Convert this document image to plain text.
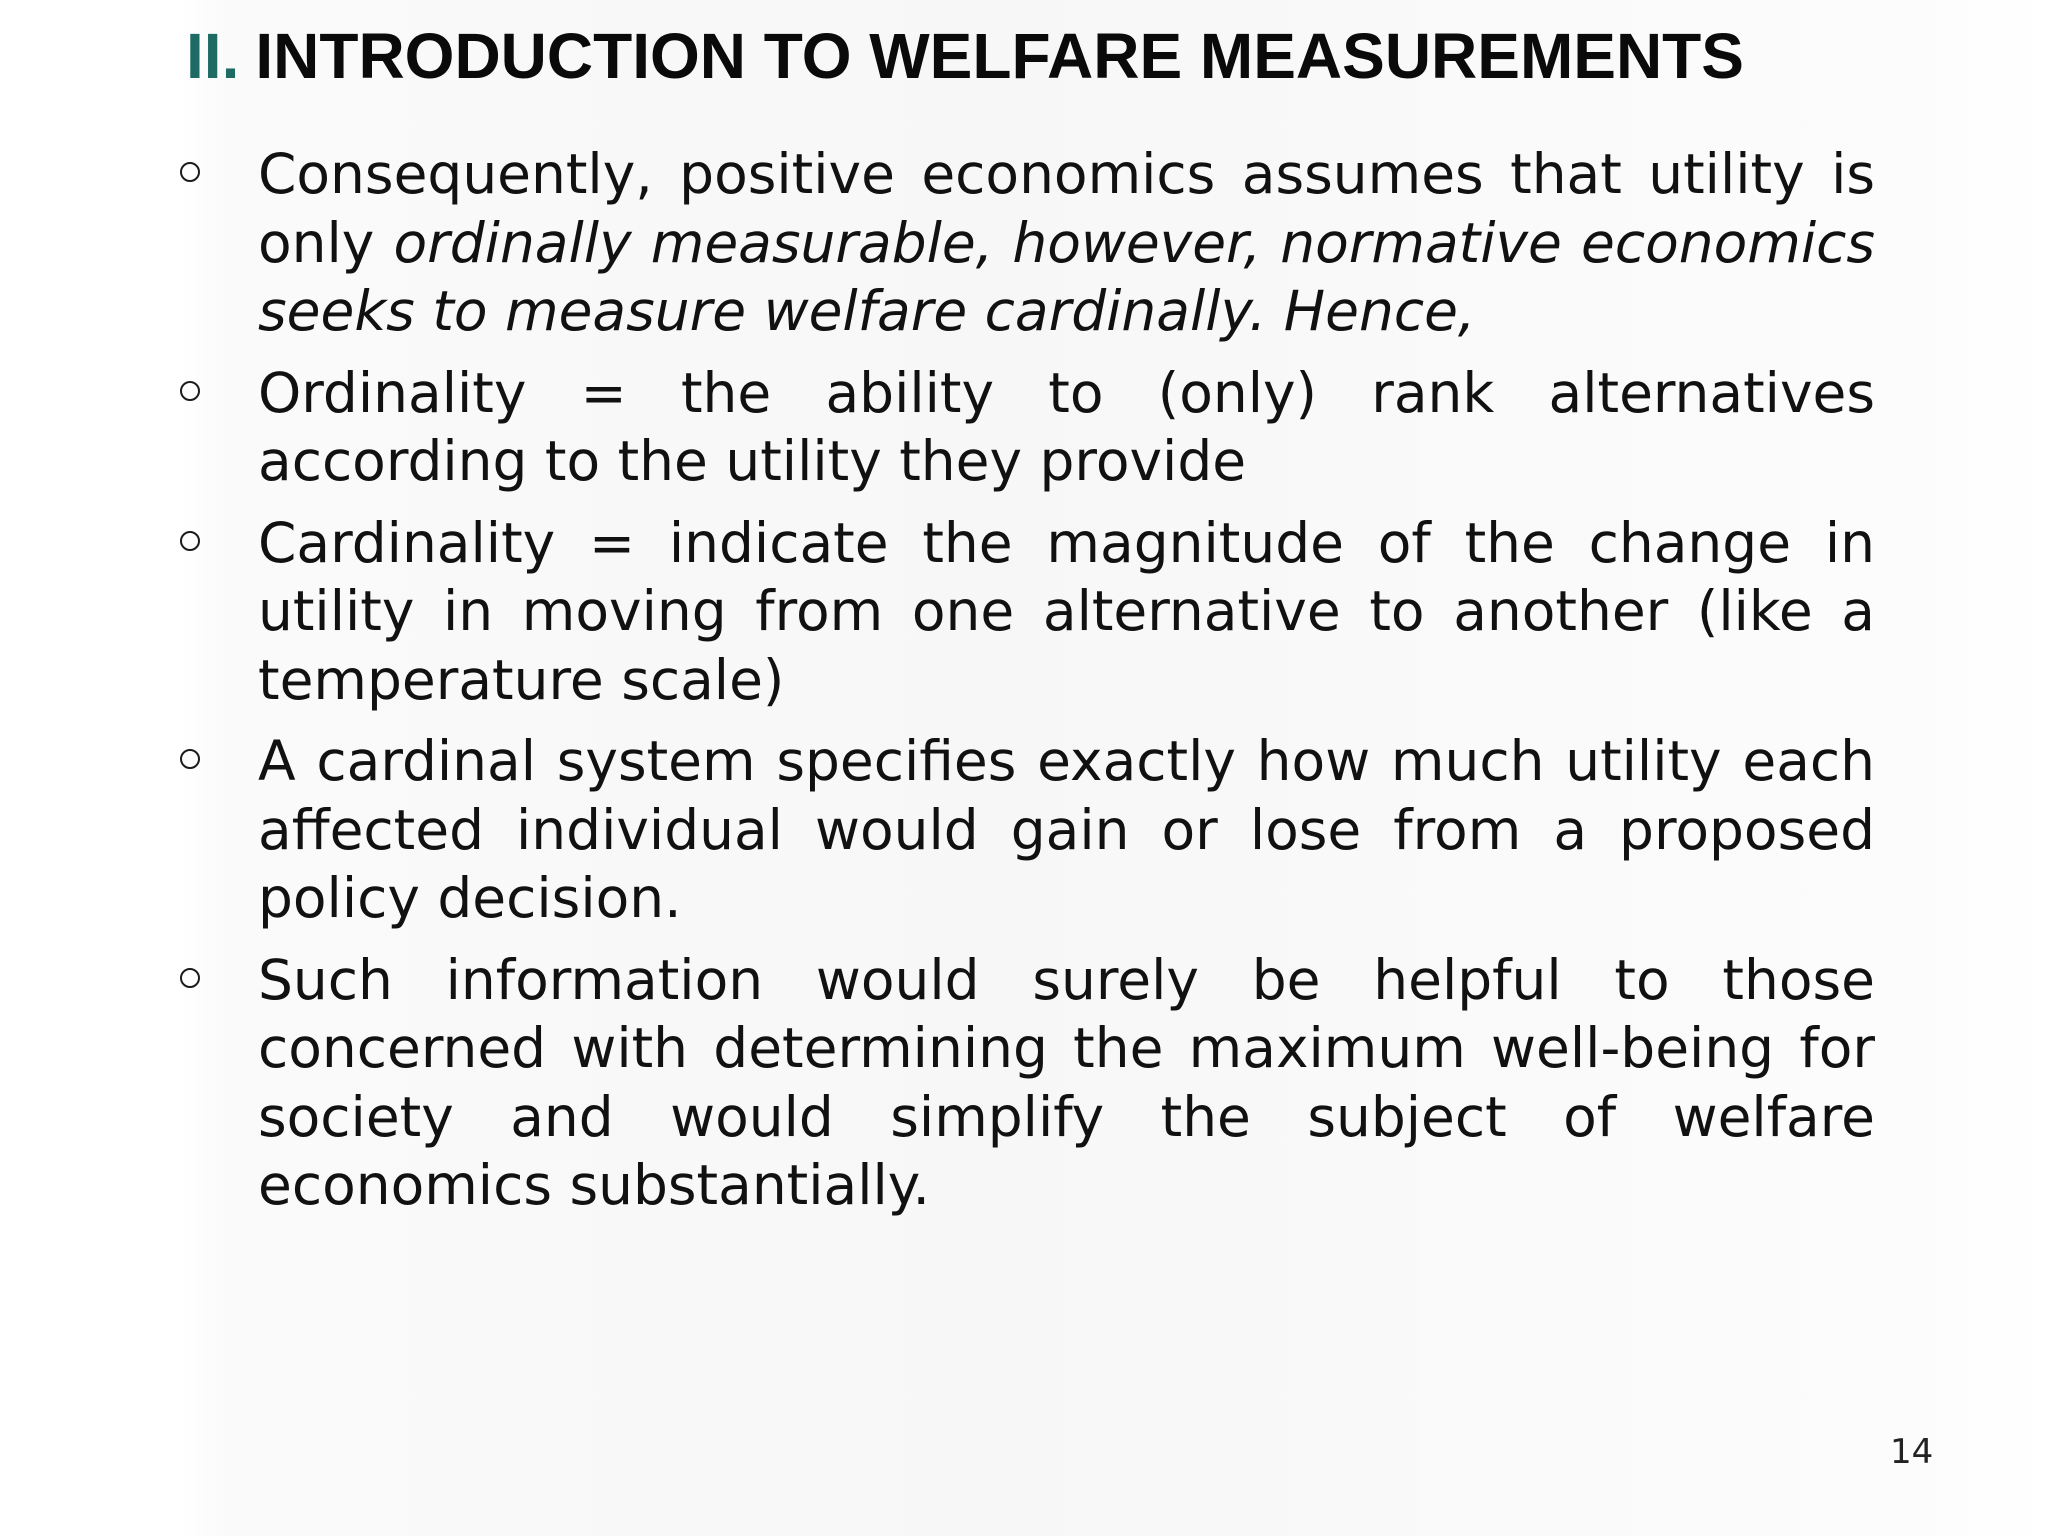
II. INTRODUCTION TO WELFARE MEASUREMENTS
Consequently, positive economics assumes that utility is only ordinally measurable, however, normative economics seeks to measure welfare cardinally. Hence,
Ordinality = the ability to (only) rank alternatives according to the utility they provide
Cardinality = indicate the magnitude of the change in utility in moving from one alternative to another (like a temperature scale)
A cardinal system specifies exactly how much utility each affected individual would gain or lose from a proposed policy decision.
Such information would surely be helpful to those concerned with determining the maximum well-being for society and would simplify the subject of welfare economics substantially.
14
